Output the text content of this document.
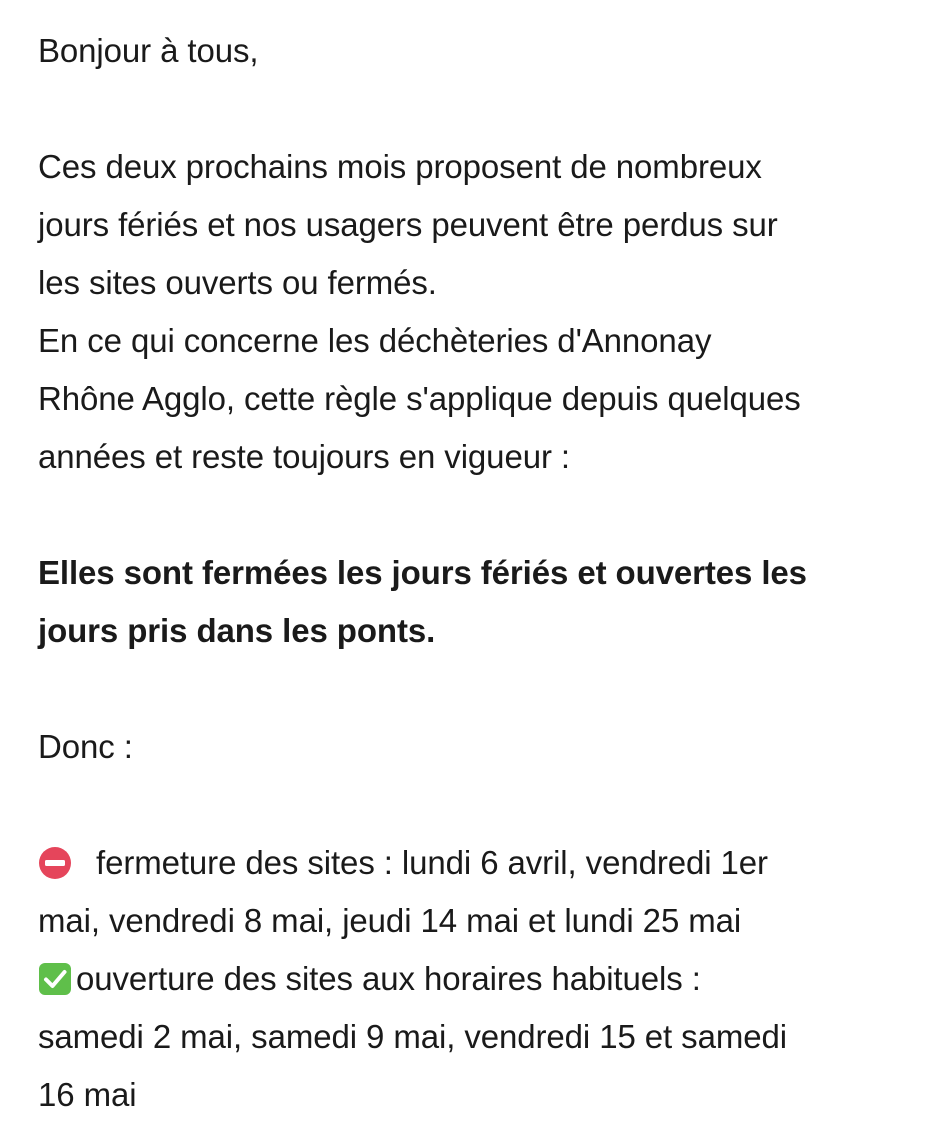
Bonjour à tous,
Ces deux prochains mois proposent de nombreux
jours fériés et nos usagers peuvent être perdus sur
les sites ouverts ou fermés.
En ce qui concerne les déchèteries d'Annonay
Rhône Agglo, cette règle s'applique depuis quelques
années et reste toujours en vigueur :
Elles sont fermées les jours fériés et ouvertes les
jours pris dans les ponts.
Donc :
fermeture des sites : lundi 6 avril, vendredi 1er
mai, vendredi 8 mai, jeudi 14 mai et lundi 25 mai
ouverture des sites aux horaires habituels :
samedi 2 mai, samedi 9 mai, vendredi 15 et samedi
16 mai
